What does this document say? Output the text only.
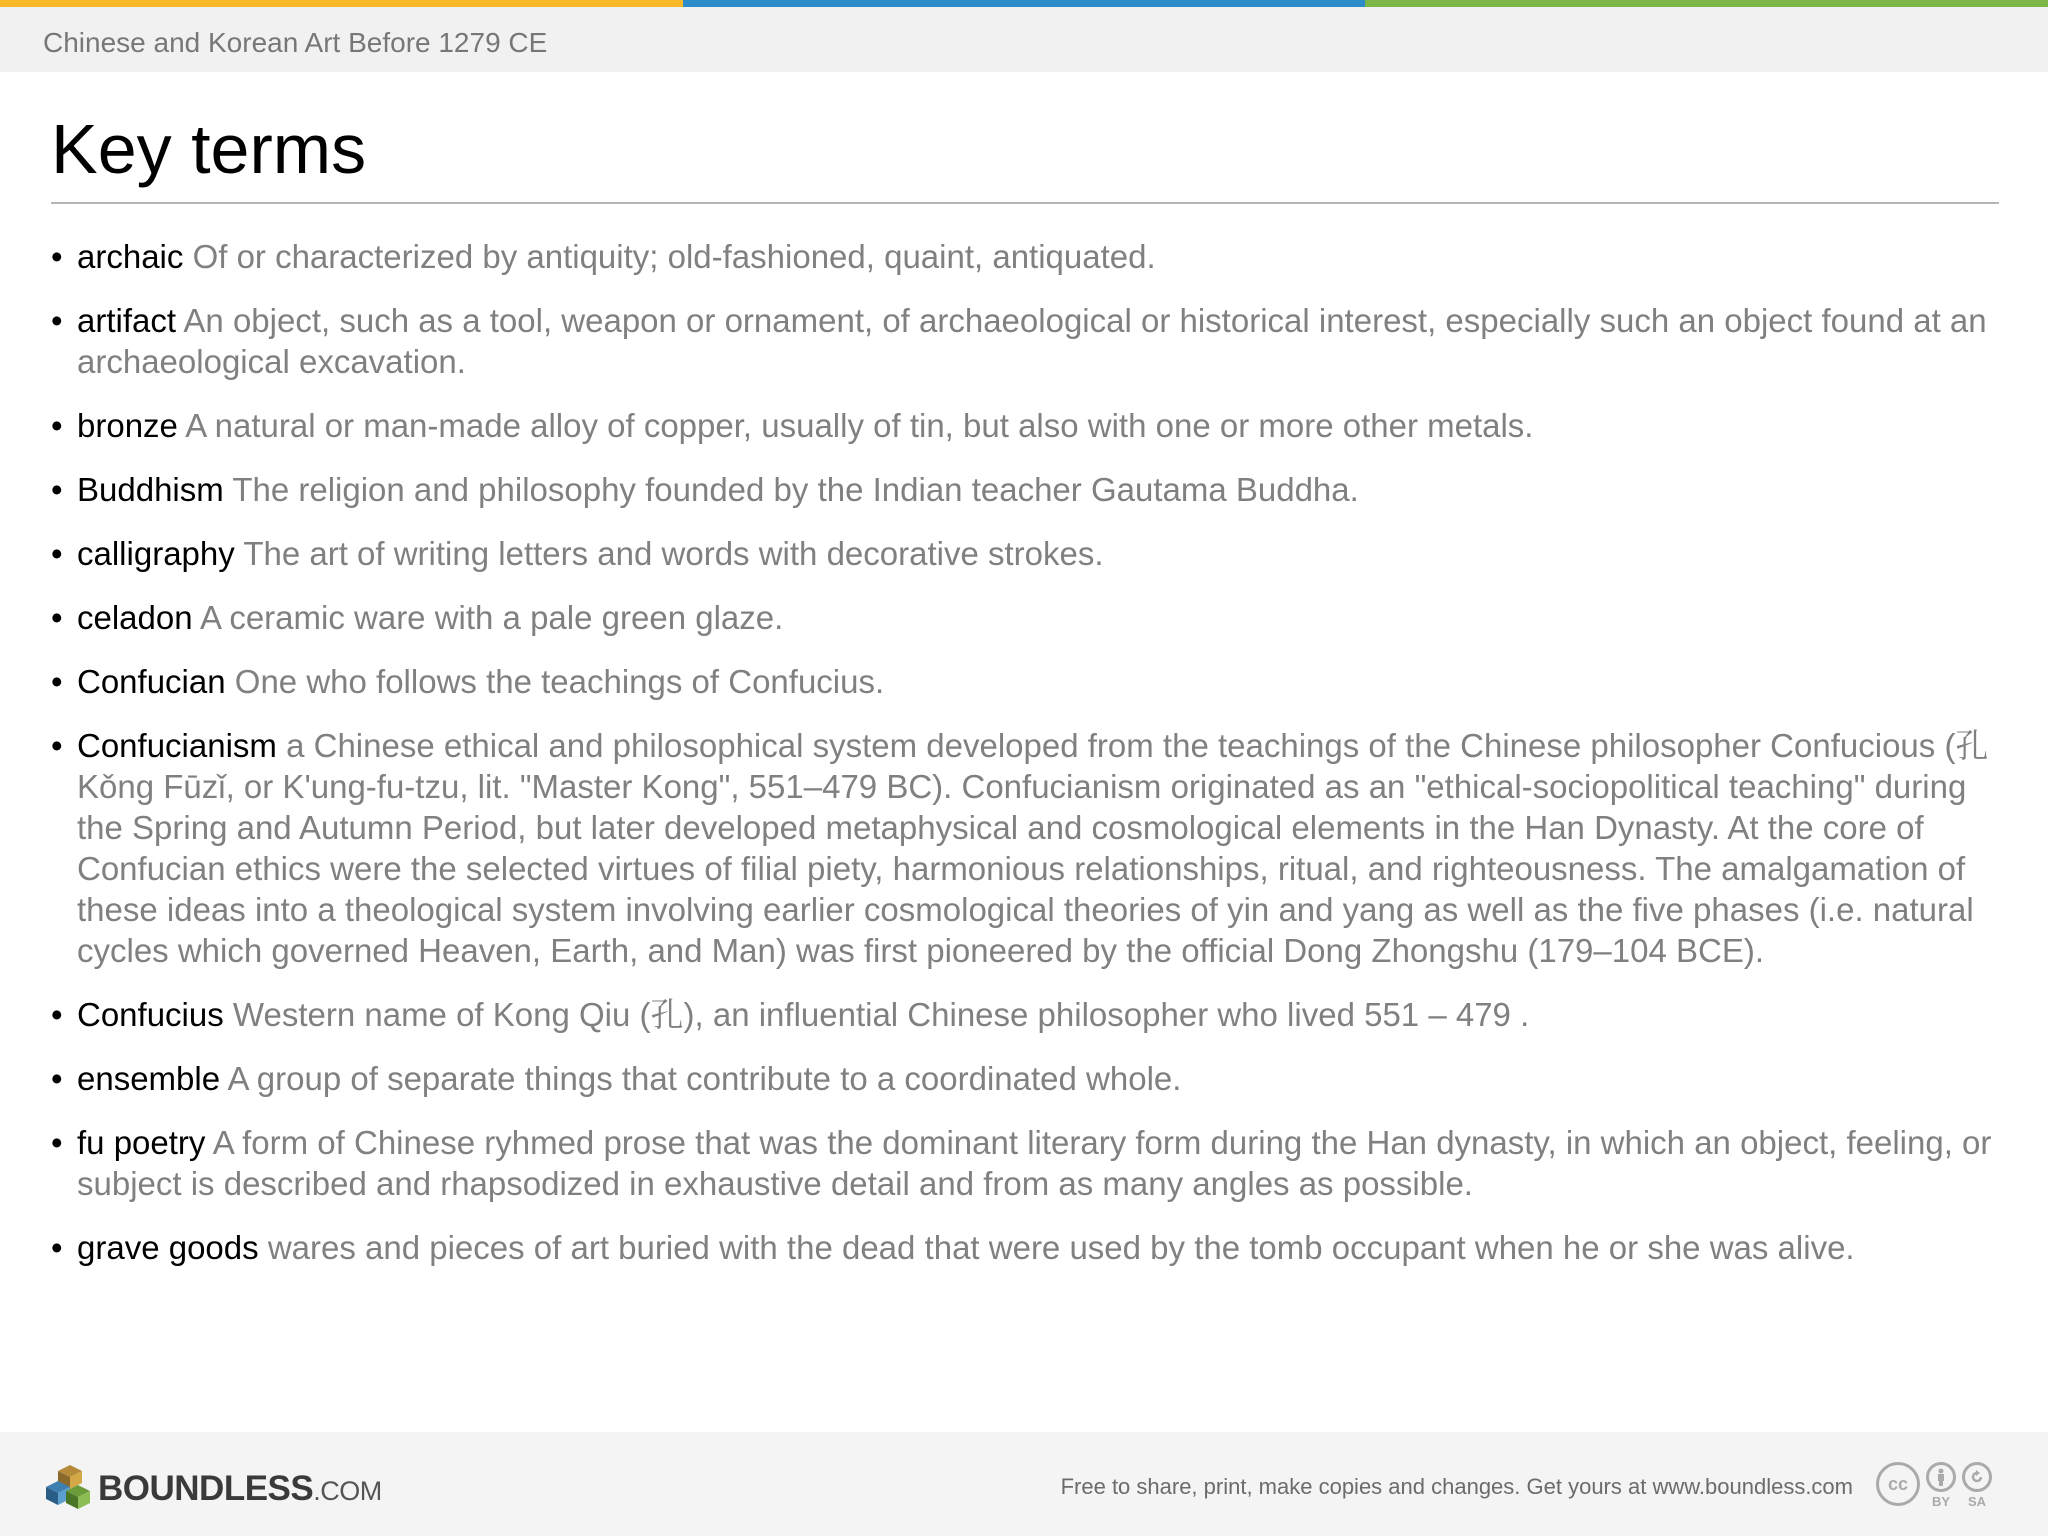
Chinese and Korean Art Before 1279 CE
Key terms
• archaic Of or characterized by antiquity; old-fashioned, quaint, antiquated.
• artifact An object, such as a tool, weapon or ornament, of archaeological or historical interest, especially such an object found at an archaeological excavation.
• bronze A natural or man-made alloy of copper, usually of tin, but also with one or more other metals.
• Buddhism The religion and philosophy founded by the Indian teacher Gautama Buddha.
• calligraphy The art of writing letters and words with decorative strokes.
• celadon A ceramic ware with a pale green glaze.
• Confucian One who follows the teachings of Confucius.
• Confucianism a Chinese ethical and philosophical system developed from the teachings of the Chinese philosopher Confucious (孔 Kǒng Fūzǐ, or K'ung-fu-tzu, lit. "Master Kong", 551–479 BC). Confucianism originated as an "ethical-sociopolitical teaching" during the Spring and Autumn Period, but later developed metaphysical and cosmological elements in the Han Dynasty. At the core of Confucian ethics were the selected virtues of filial piety, harmonious relationships, ritual, and righteousness. The amalgamation of these ideas into a theological system involving earlier cosmological theories of yin and yang as well as the five phases (i.e. natural cycles which governed Heaven, Earth, and Man) was first pioneered by the official Dong Zhongshu (179–104 BCE).
• Confucius Western name of Kong Qiu (孔), an influential Chinese philosopher who lived 551 – 479 .
• ensemble A group of separate things that contribute to a coordinated whole.
• fu poetry A form of Chinese ryhmed prose that was the dominant literary form during the Han dynasty, in which an object, feeling, or subject is described and rhapsodized in exhaustive detail and from as many angles as possible.
• grave goods wares and pieces of art buried with the dead that were used by the tomb occupant when he or she was alive.
BOUNDLESS.COM	Free to share, print, make copies and changes. Get yours at www.boundless.com	cc
BY SA
